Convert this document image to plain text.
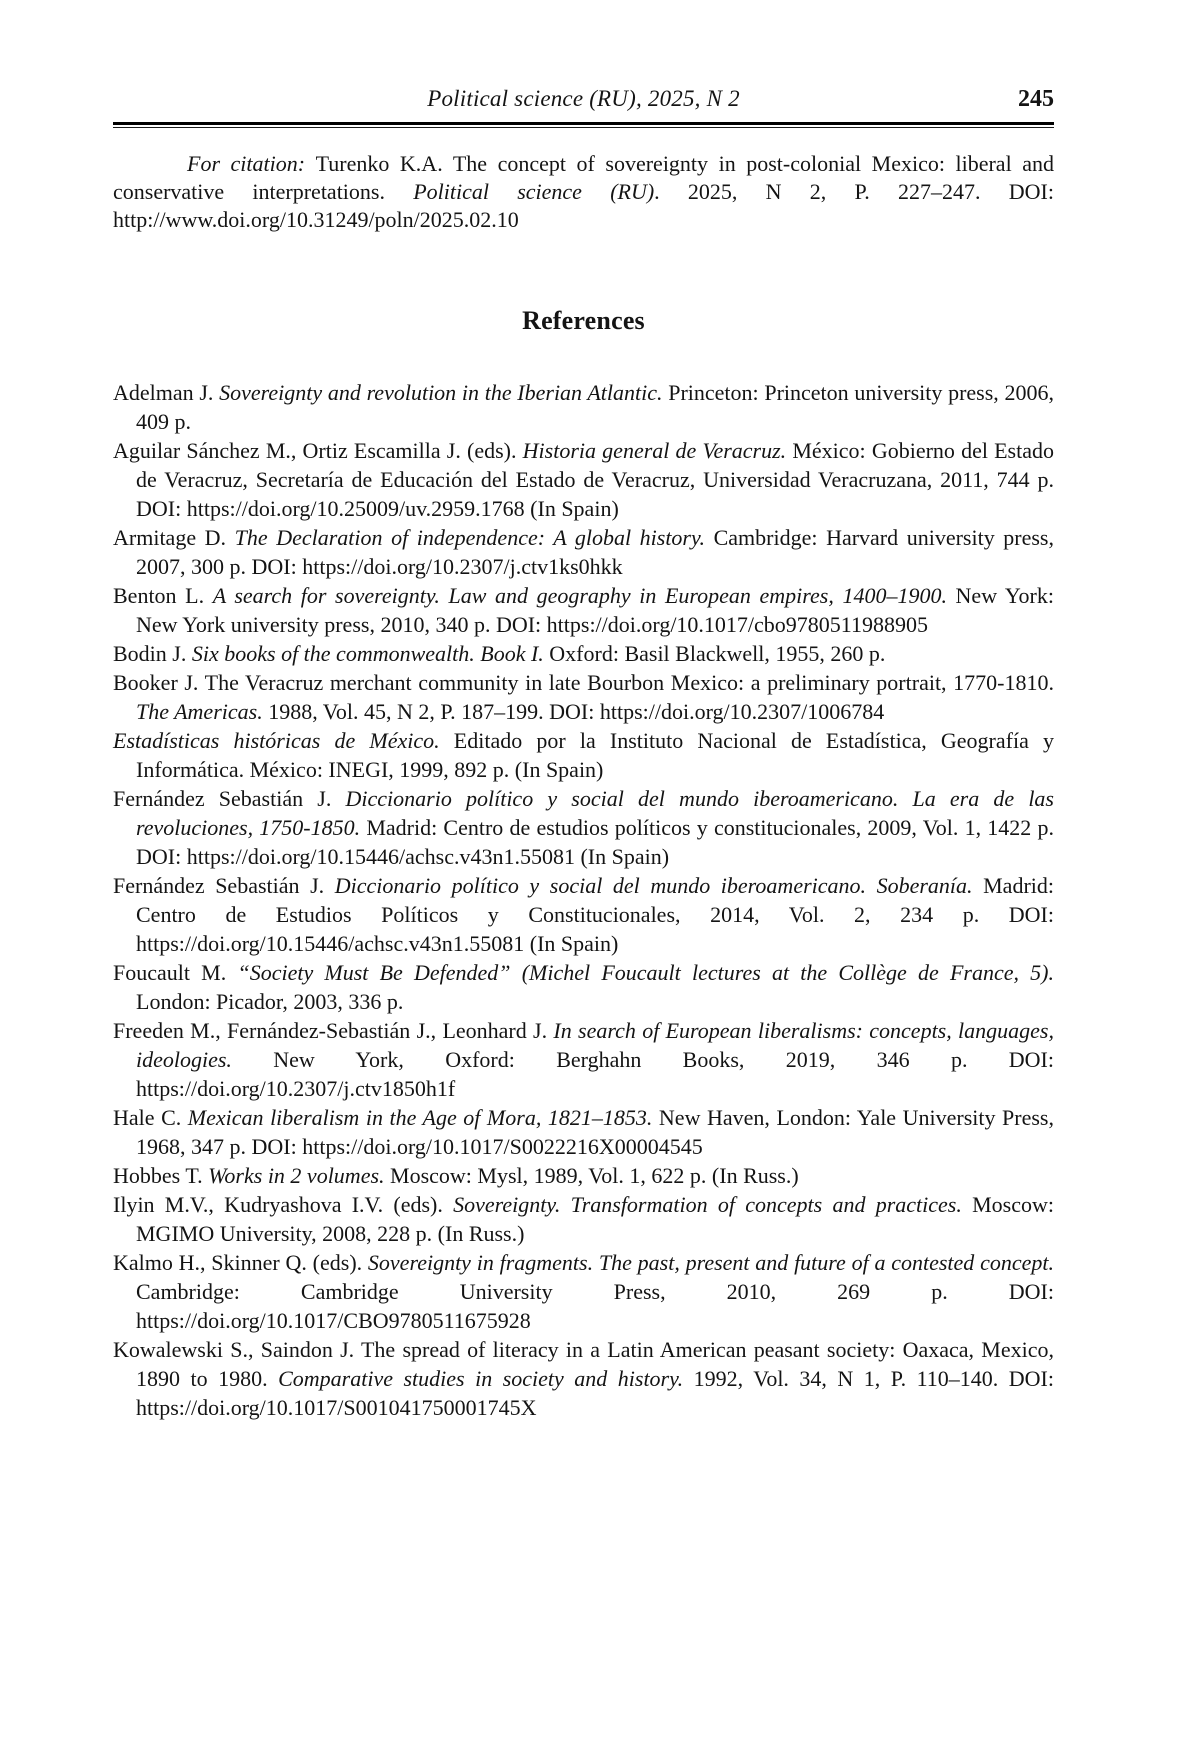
Political science (RU), 2025, N 2	245

For citation: Turenko K.A. The concept of sovereignty in post-colonial Mexico: liberal and conservative interpretations. Political science (RU). 2025, N 2, P. 227–247. DOI: http://www.doi.org/10.31249/poln/2025.02.10

References

Adelman J. Sovereignty and revolution in the Iberian Atlantic. Princeton: Princeton university press, 2006, 409 p.

Aguilar Sánchez M., Ortiz Escamilla J. (eds). Historia general de Veracruz. México: Gobierno del Estado de Veracruz, Secretaría de Educación del Estado de Veracruz, Universidad Veracruzana, 2011, 744 p. DOI: https://doi.org/10.25009/uv.2959.1768 (In Spain)

Armitage D. The Declaration of independence: A global history. Cambridge: Harvard university press, 2007, 300 p. DOI: https://doi.org/10.2307/j.ctv1ks0hkk

Benton L. A search for sovereignty. Law and geography in European empires, 1400–1900. New York: New York university press, 2010, 340 p. DOI: https://doi.org/10.1017/cbo9780511988905

Bodin J. Six books of the commonwealth. Book I. Oxford: Basil Blackwell, 1955, 260 p.

Booker J. The Veracruz merchant community in late Bourbon Mexico: a preliminary portrait, 1770-1810. The Americas. 1988, Vol. 45, N 2, P. 187–199. DOI: https://doi.org/10.2307/1006784

Estadísticas históricas de México. Editado por la Instituto Nacional de Estadística, Geografía y Informática. México: INEGI, 1999, 892 p. (In Spain)

Fernández Sebastián J. Diccionario político y social del mundo iberoamericano. La era de las revoluciones, 1750-1850. Madrid: Centro de estudios políticos y constitucionales, 2009, Vol. 1, 1422 p. DOI: https://doi.org/10.15446/achsc.v43n1.55081 (In Spain)

Fernández Sebastián J. Diccionario político y social del mundo iberoamericano. Soberanía. Madrid: Centro de Estudios Políticos y Constitucionales, 2014, Vol. 2, 234 p. DOI: https://doi.org/10.15446/achsc.v43n1.55081 (In Spain)

Foucault M. “Society Must Be Defended” (Michel Foucault lectures at the Collège de France, 5). London: Picador, 2003, 336 p.

Freeden M., Fernández-Sebastián J., Leonhard J. In search of European liberalisms: concepts, languages, ideologies. New York, Oxford: Berghahn Books, 2019, 346 p. DOI: https://doi.org/10.2307/j.ctv1850h1f

Hale C. Mexican liberalism in the Age of Mora, 1821–1853. New Haven, London: Yale University Press, 1968, 347 p. DOI: https://doi.org/10.1017/S0022216X00004545

Hobbes T. Works in 2 volumes. Moscow: Mysl, 1989, Vol. 1, 622 p. (In Russ.)

Ilyin M.V., Kudryashova I.V. (eds). Sovereignty. Transformation of concepts and practices. Moscow: MGIMO University, 2008, 228 p. (In Russ.)

Kalmo H., Skinner Q. (eds). Sovereignty in fragments. The past, present and future of a contested concept. Cambridge: Cambridge University Press, 2010, 269 p. DOI: https://doi.org/10.1017/CBO9780511675928

Kowalewski S., Saindon J. The spread of literacy in a Latin American peasant society: Oaxaca, Mexico, 1890 to 1980. Comparative studies in society and history. 1992, Vol. 34, N 1, P. 110–140. DOI: https://doi.org/10.1017/S001041750001745X
